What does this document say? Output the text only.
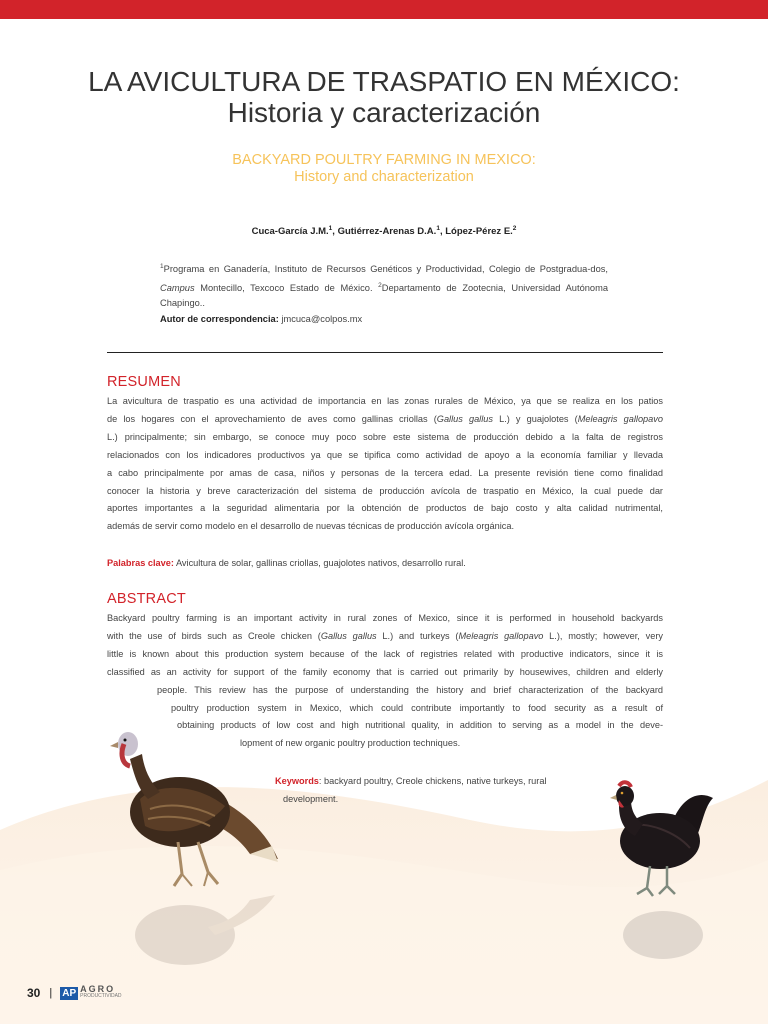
LA AVICULTURA DE TRASPATIO EN MÉXICO:
Historia y caracterización
BACKYARD POULTRY FARMING IN MEXICO:
History and characterization
Cuca-García J.M.$^1$, Gutiérrez-Arenas D.A.$^1$, López-Pérez E.$^2$
$^1$Programa en Ganadería, Instituto de Recursos Genéticos y Productividad, Colegio de Postgradua-dos, Campus Montecillo, Texcoco Estado de México. $^2$Departamento de Zootecnia, Universidad Autónoma Chapingo..
Autor de correspondencia: jmcuca@colpos.mx
RESUMEN
La avicultura de traspatio es una actividad de importancia en las zonas rurales de México, ya que se realiza en los patios
de los hogares con el aprovechamiento de aves como gallinas criollas (Gallus gallus L.) y guajolotes (Meleagris gallopavo
L.) principalmente; sin embargo, se conoce muy poco sobre este sistema de producción debido a la falta de registros
relacionados con los indicadores productivos ya que se tipifica como actividad de apoyo a la economía familiar y llevada
a cabo principalmente por amas de casa, niños y personas de la tercera edad. La presente revisión tiene como finalidad
conocer la historia y breve caracterización del sistema de producción avícola de traspatio en México, la cual puede dar
aportes importantes a la seguridad alimentaria por la obtención de productos de bajo costo y alta calidad nutrimental,
además de servir como modelo en el desarrollo de nuevas técnicas de producción avícola orgánica.
Palabras clave: Avicultura de solar, gallinas criollas, guajolotes nativos, desarrollo rural.
ABSTRACT
Backyard poultry farming is an important activity in rural zones of Mexico, since it is performed in household backyards
with the use of birds such as Creole chicken (Gallus gallus L.) and turkeys (Meleagris gallopavo L.), mostly; however, very
little is known about this production system because of the lack of registries related with productive indicators, since it is
classified as an activity for support of the family economy that is carried out primarily by housewives, children and elderly
people. This review has the purpose of understanding the history and brief characterization of the backyard
poultry production system in Mexico, which could contribute importantly to food security as a result of
obtaining products of low cost and high nutritional quality, in addition to serving as a model in the deve-
lopment of new organic poultry production techniques.
Keywords: backyard poultry, Creole chickens, native turkeys, rural
development.
30 | AP AGRO
PRODUCTIVIDAD
